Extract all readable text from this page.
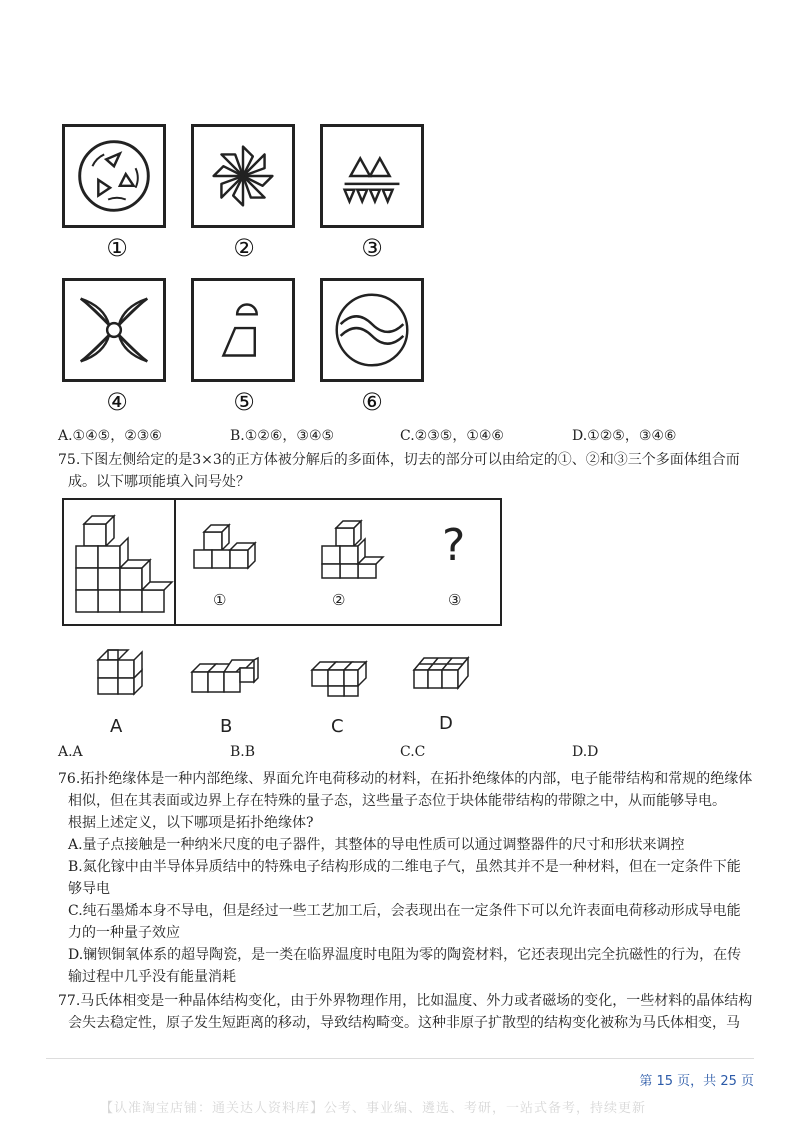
①	②	③
④	⑤	⑥
A.①④⑤，②③⑥	B.①②⑥，③④⑤	C.②③⑤，①④⑥	D.①②⑤，③④⑥
75.下图左侧给定的是3×3的正方体被分解后的多面体，切去的部分可以由给定的①、②和③三个多面体组合而
成。以下哪项能填入问号处？
?
①	②	③
A	B	C	D
A.A	B.B	C.C	D.D
76.拓扑绝缘体是一种内部绝缘、界面允许电荷移动的材料，在拓扑绝缘体的内部，电子能带结构和常规的绝缘体
相似，但在其表面或边界上存在特殊的量子态，这些量子态位于块体能带结构的带隙之中，从而能够导电。
根据上述定义，以下哪项是拓扑绝缘体?
A.量子点接触是一种纳米尺度的电子器件，其整体的导电性质可以通过调整器件的尺寸和形状来调控
B.氮化镓中由半导体异质结中的特殊电子结构形成的二维电子气，虽然其并不是一种材料，但在一定条件下能
够导电
C.纯石墨烯本身不导电，但是经过一些工艺加工后，会表现出在一定条件下可以允许表面电荷移动形成导电能
力的一种量子效应
D.镧钡铜氧体系的超导陶瓷，是一类在临界温度时电阻为零的陶瓷材料，它还表现出完全抗磁性的行为，在传
输过程中几乎没有能量消耗
77.马氏体相变是一种晶体结构变化，由于外界物理作用，比如温度、外力或者磁场的变化，一些材料的晶体结构
会失去稳定性，原子发生短距离的移动，导致结构畸变。这种非原子扩散型的结构变化被称为马氏体相变，马
第 15 页，共 25 页
【认准淘宝店铺：通关达人资料库】公考、事业编、遴选、考研，一站式备考，持续更新
